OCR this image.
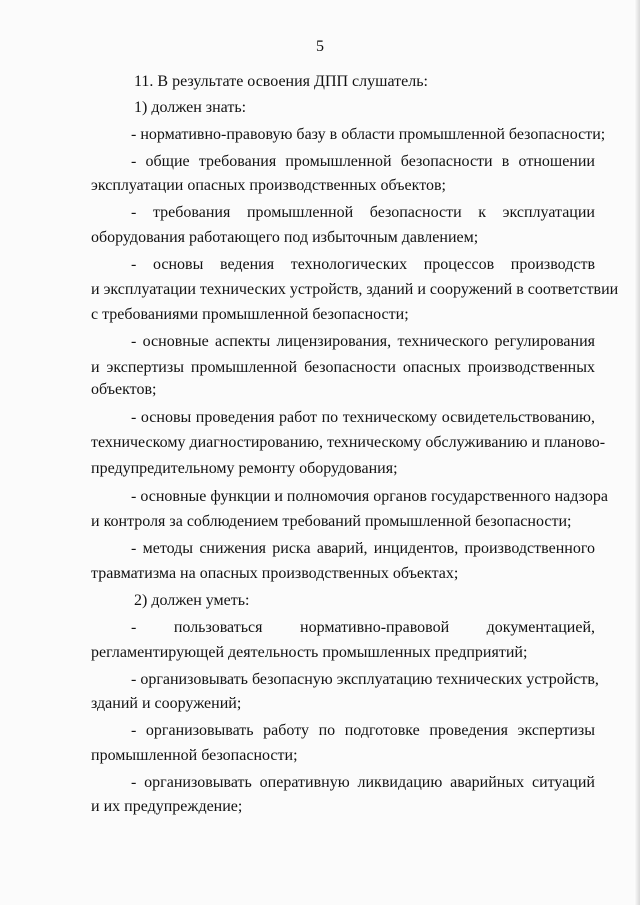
5
11. В результате освоения ДПП слушатель:
1) должен знать:
- нормативно-правовую базу в области промышленной безопасности;
- общие требования промышленной безопасности в отношении
эксплуатации опасных производственных объектов;
- требования промышленной безопасности к эксплуатации
оборудования работающего под избыточным давлением;
- основы ведения технологических процессов производств
и эксплуатации технических устройств, зданий и сооружений в соответствии
с требованиями промышленной безопасности;
- основные аспекты лицензирования, технического регулирования
и экспертизы промышленной безопасности опасных производственных
объектов;
- основы проведения работ по техническому освидетельствованию,
техническому диагностированию, техническому обслуживанию и планово-
предупредительному ремонту оборудования;
- основные функции и полномочия органов государственного надзора
и контроля за соблюдением требований промышленной безопасности;
- методы снижения риска аварий, инцидентов, производственного
травматизма на опасных производственных объектах;
2) должен уметь:
- пользоваться нормативно-правовой документацией,
регламентирующей деятельность промышленных предприятий;
- организовывать безопасную эксплуатацию технических устройств,
зданий и сооружений;
- организовывать работу по подготовке проведения экспертизы
промышленной безопасности;
- организовывать оперативную ликвидацию аварийных ситуаций
и их предупреждение;
